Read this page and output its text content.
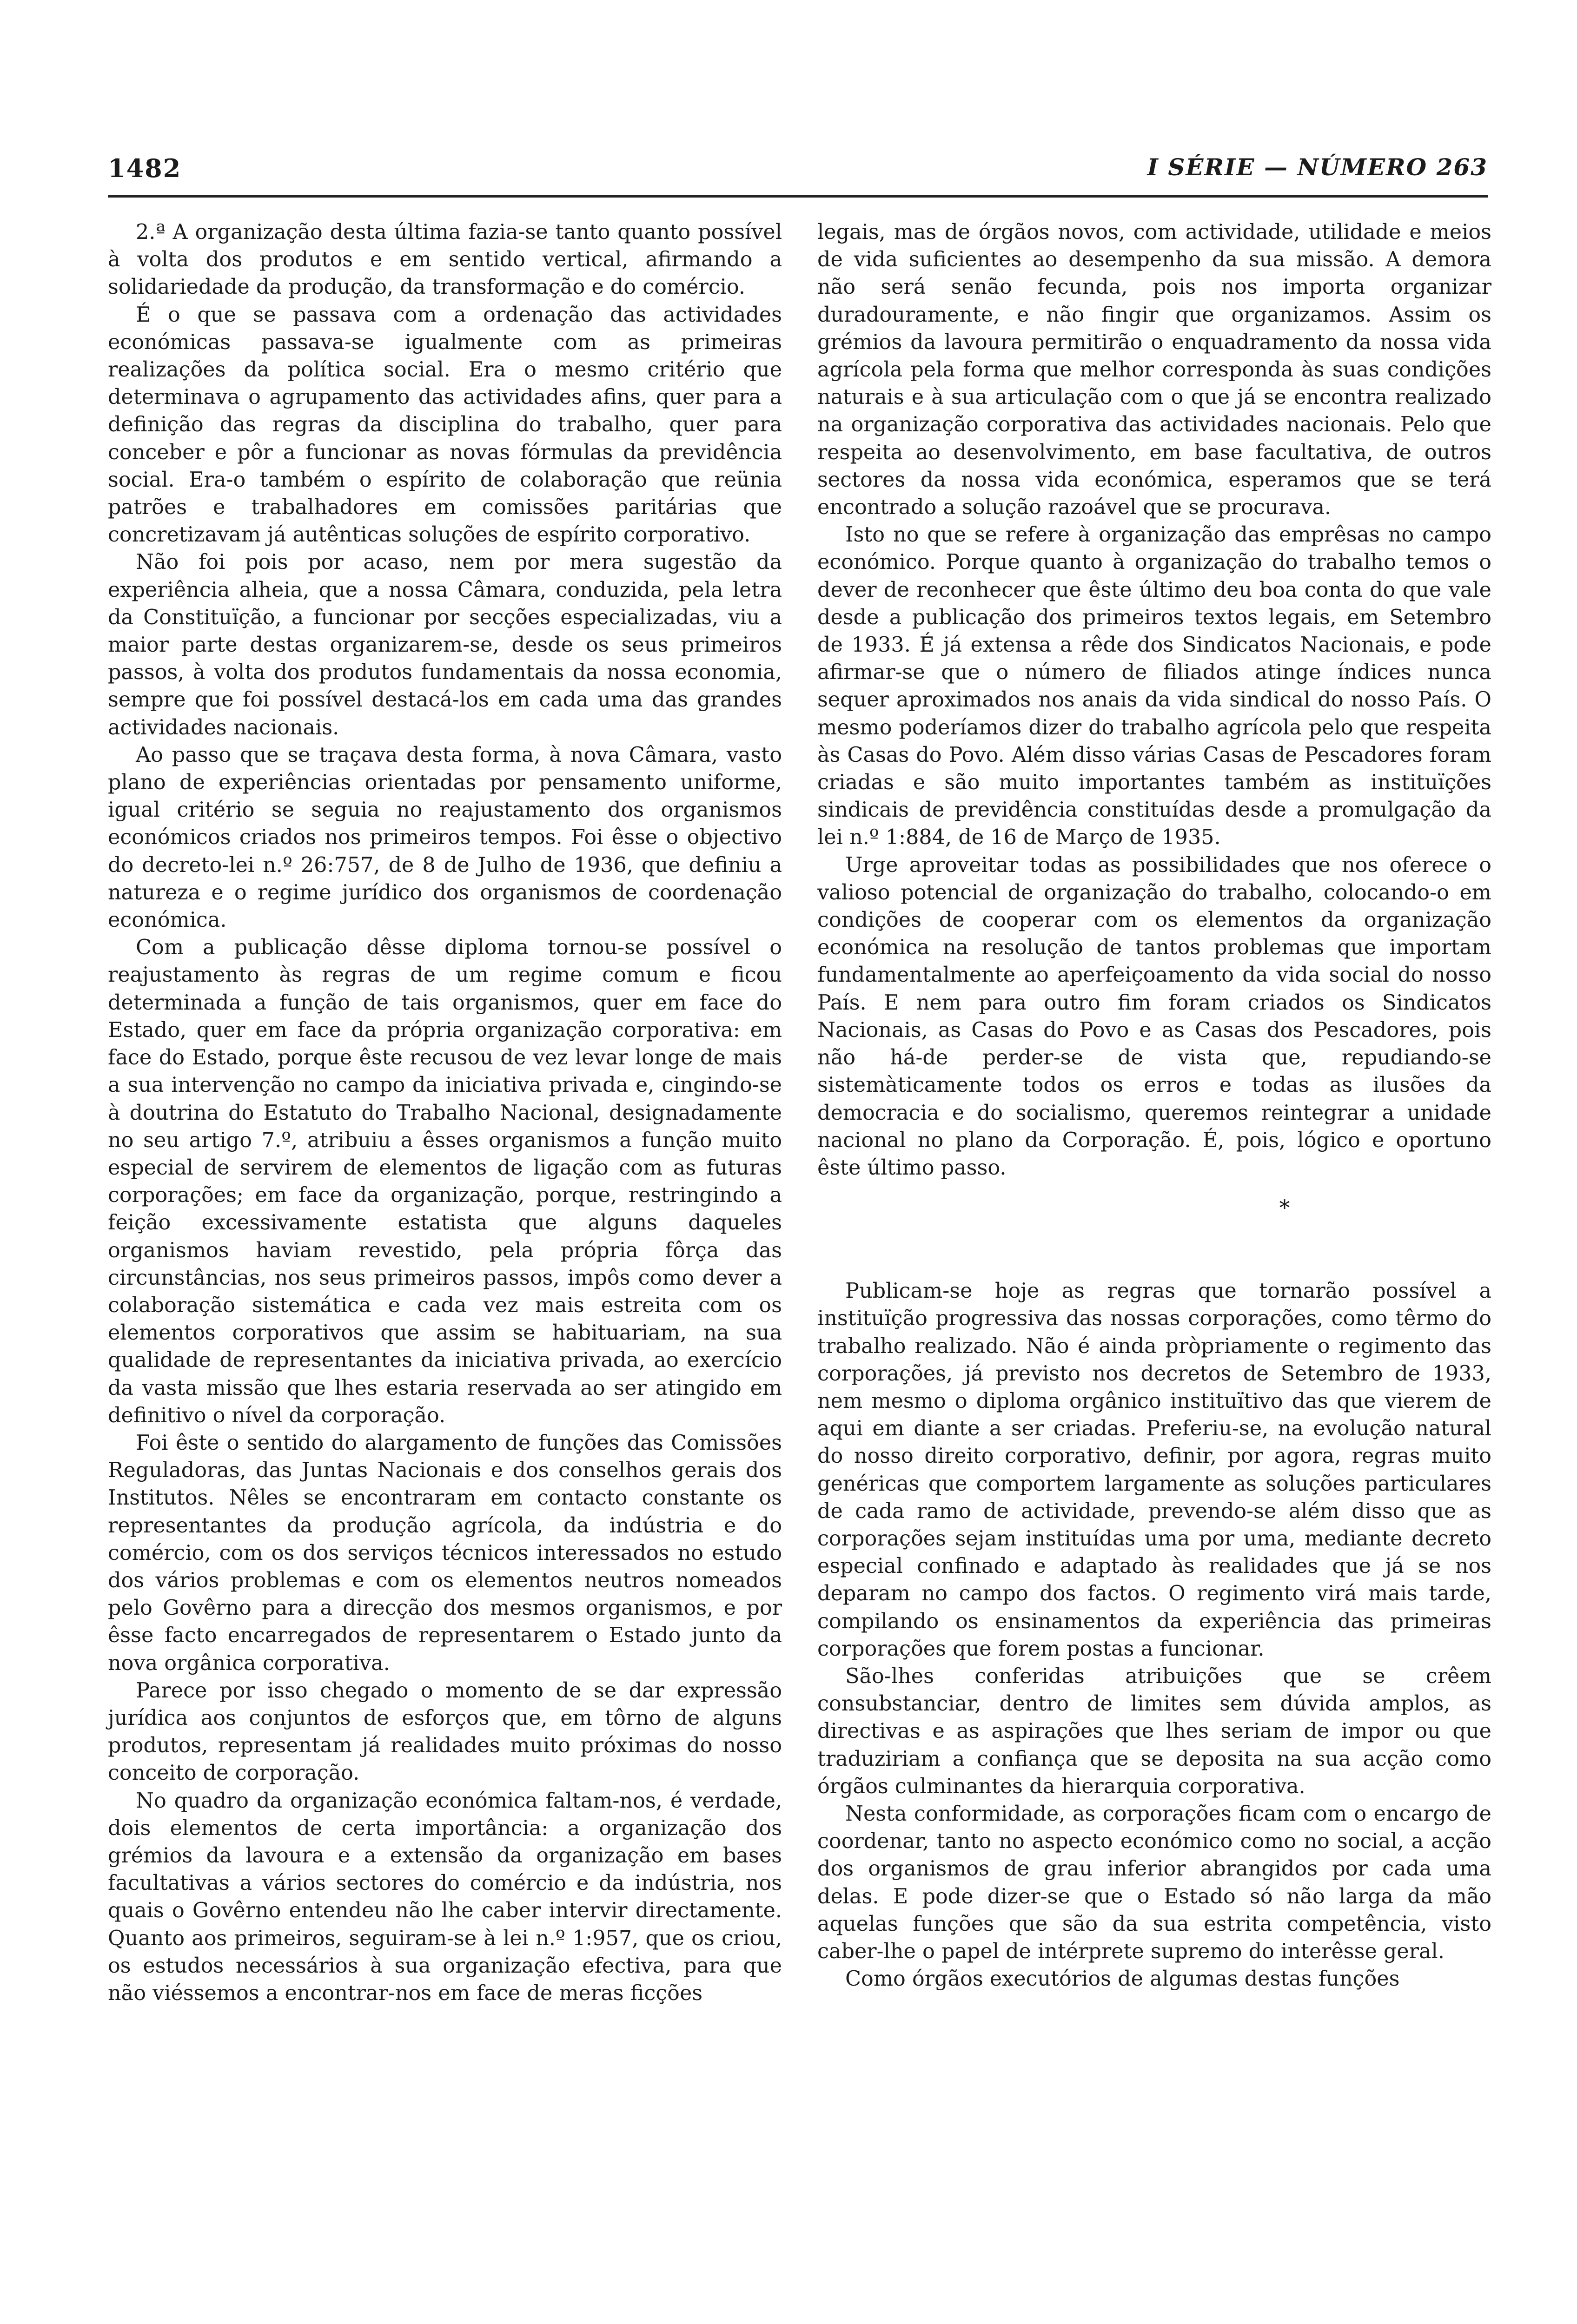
1482	I SÉRIE — NÚMERO 263

2.ª A organização desta última fazia-se tanto quanto possível à volta dos produtos e em sentido vertical, afirmando a solidariedade da produção, da transformação e do comércio.

É o que se passava com a ordenação das actividades económicas passava-se igualmente com as primeiras realizações da política social. Era o mesmo critério que determinava o agrupamento das actividades afins, quer para a definição das regras da disciplina do trabalho, quer para conceber e pôr a funcionar as novas fórmulas da previdência social. Era-o também o espírito de colaboração que reünia patrões e trabalhadores em comissões paritárias que concretizavam já autênticas soluções de espírito corporativo.

Não foi pois por acaso, nem por mera sugestão da experiência alheia, que a nossa Câmara, conduzida, pela letra da Constituïção, a funcionar por secções especializadas, viu a maior parte destas organizarem-se, desde os seus primeiros passos, à volta dos produtos fundamentais da nossa economia, sempre que foi possível destacá-los em cada uma das grandes actividades nacionais.

Ao passo que se traçava desta forma, à nova Câmara, vasto plano de experiências orientadas por pensamento uniforme, igual critério se seguia no reajustamento dos organismos económicos criados nos primeiros tempos. Foi êsse o objectivo do decreto-lei n.º 26:757, de 8 de Julho de 1936, que definiu a natureza e o regime jurídico dos organismos de coordenação económica.

Com a publicação dêsse diploma tornou-se possível o reajustamento às regras de um regime comum e ficou determinada a função de tais organismos, quer em face do Estado, quer em face da própria organização corporativa: em face do Estado, porque êste recusou de vez levar longe de mais a sua intervenção no campo da iniciativa privada e, cingindo-se à doutrina do Estatuto do Trabalho Nacional, designadamente no seu artigo 7.º, atribuiu a êsses organismos a função muito especial de servirem de elementos de ligação com as futuras corporações; em face da organização, porque, restringindo a feição excessivamente estatista que alguns daqueles organismos haviam revestido, pela própria fôrça das circunstâncias, nos seus primeiros passos, impôs como dever a colaboração sistemática e cada vez mais estreita com os elementos corporativos que assim se habituariam, na sua qualidade de representantes da iniciativa privada, ao exercício da vasta missão que lhes estaria reservada ao ser atingido em definitivo o nível da corporação.

Foi êste o sentido do alargamento de funções das Comissões Reguladoras, das Juntas Nacionais e dos conselhos gerais dos Institutos. Nêles se encontraram em contacto constante os representantes da produção agrícola, da indústria e do comércio, com os dos serviços técnicos interessados no estudo dos vários problemas e com os elementos neutros nomeados pelo Govêrno para a direcção dos mesmos organismos, e por êsse facto encarregados de representarem o Estado junto da nova orgânica corporativa.

Parece por isso chegado o momento de se dar expressão jurídica aos conjuntos de esforços que, em tôrno de alguns produtos, representam já realidades muito próximas do nosso conceito de corporação.

No quadro da organização económica faltam-nos, é verdade, dois elementos de certa importância: a organização dos grémios da lavoura e a extensão da organização em bases facultativas a vários sectores do comércio e da indústria, nos quais o Govêrno entendeu não lhe caber intervir directamente. Quanto aos primeiros, seguiram-se à lei n.º 1:957, que os criou, os estudos necessários à sua organização efectiva, para que não viéssemos a encontrar-nos em face de meras ficções

legais, mas de órgãos novos, com actividade, utilidade e meios de vida suficientes ao desempenho da sua missão. A demora não será senão fecunda, pois nos importa organizar duradouramente, e não fingir que organizamos. Assim os grémios da lavoura permitirão o enquadramento da nossa vida agrícola pela forma que melhor corresponda às suas condições naturais e à sua articulação com o que já se encontra realizado na organização corporativa das actividades nacionais. Pelo que respeita ao desenvolvimento, em base facultativa, de outros sectores da nossa vida económica, esperamos que se terá encontrado a solução razoável que se procurava.

Isto no que se refere à organização das emprêsas no campo económico. Porque quanto à organização do trabalho temos o dever de reconhecer que êste último deu boa conta do que vale desde a publicação dos primeiros textos legais, em Setembro de 1933. É já extensa a rêde dos Sindicatos Nacionais, e pode afirmar-se que o número de filiados atinge índices nunca sequer aproximados nos anais da vida sindical do nosso País. O mesmo poderíamos dizer do trabalho agrícola pelo que respeita às Casas do Povo. Além disso várias Casas de Pescadores foram criadas e são muito importantes também as instituïções sindicais de previdência constituídas desde a promulgação da lei n.º 1:884, de 16 de Março de 1935.

Urge aproveitar todas as possibilidades que nos oferece o valioso potencial de organização do trabalho, colocando-o em condições de cooperar com os elementos da organização económica na resolução de tantos problemas que importam fundamentalmente ao aperfeiçoamento da vida social do nosso País. E nem para outro fim foram criados os Sindicatos Nacionais, as Casas do Povo e as Casas dos Pescadores, pois não há-de perder-se de vista que, repudiando-se sistemàticamente todos os erros e todas as ilusões da democracia e do socialismo, queremos reintegrar a unidade nacional no plano da Corporação. É, pois, lógico e oportuno êste último passo.

*

Publicam-se hoje as regras que tornarão possível a instituïção progressiva das nossas corporações, como têrmo do trabalho realizado. Não é ainda pròpriamente o regimento das corporações, já previsto nos decretos de Setembro de 1933, nem mesmo o diploma orgânico instituïtivo das que vierem de aqui em diante a ser criadas. Preferiu-se, na evolução natural do nosso direito corporativo, definir, por agora, regras muito genéricas que comportem largamente as soluções particulares de cada ramo de actividade, prevendo-se além disso que as corporações sejam instituídas uma por uma, mediante decreto especial confinado e adaptado às realidades que já se nos deparam no campo dos factos. O regimento virá mais tarde, compilando os ensinamentos da experiência das primeiras corporações que forem postas a funcionar.

São-lhes conferidas atribuições que se crêem consubstanciar, dentro de limites sem dúvida amplos, as directivas e as aspirações que lhes seriam de impor ou que traduziriam a confiança que se deposita na sua acção como órgãos culminantes da hierarquia corporativa.

Nesta conformidade, as corporações ficam com o encargo de coordenar, tanto no aspecto económico como no social, a acção dos organismos de grau inferior abrangidos por cada uma delas. E pode dizer-se que o Estado só não larga da mão aquelas funções que são da sua estrita competência, visto caber-lhe o papel de intérprete supremo do interêsse geral.

Como órgãos executórios de algumas destas funções
